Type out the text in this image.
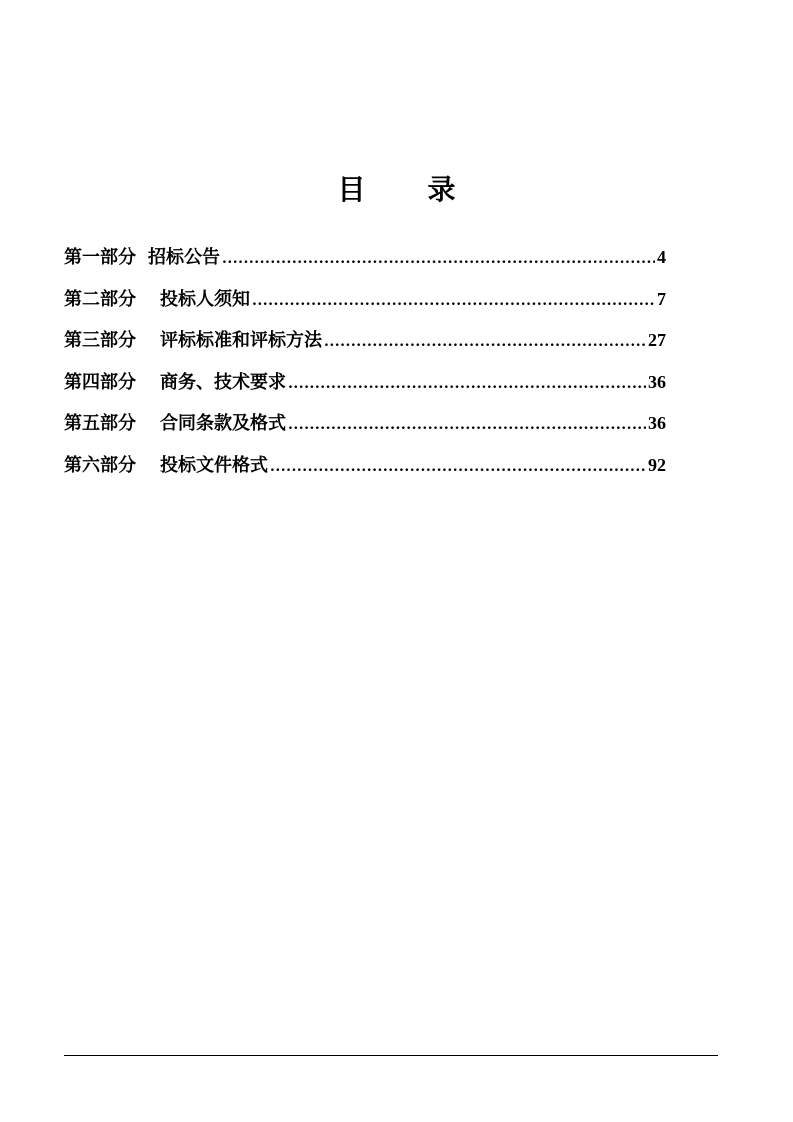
目 录
第一部分 招标公告 .....	4
第二部分 投标人须知 .....	7
第三部分 评标标准和评标方法 .....	27
第四部分 商务、技术要求 .....	36
第五部分 合同条款及格式 .....	36
第六部分 投标文件格式 .....	92
